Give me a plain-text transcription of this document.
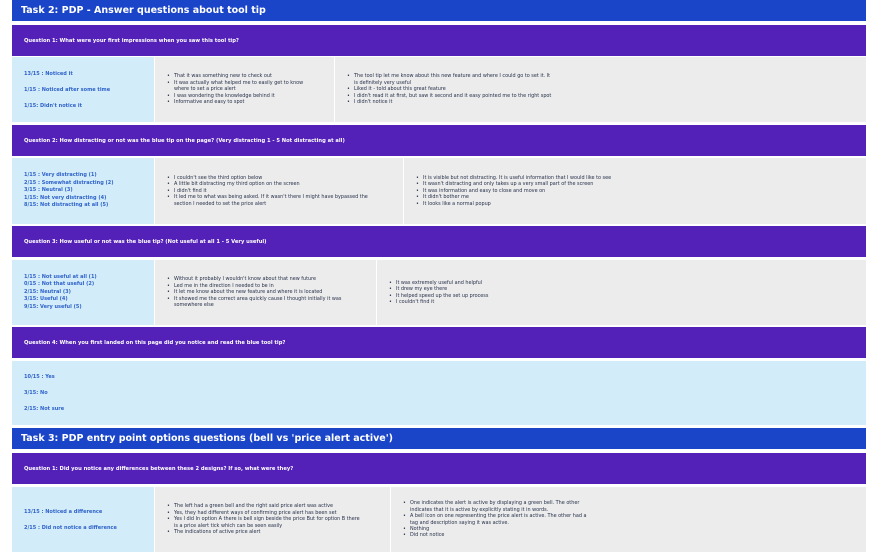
Task 2: PDP - Answer questions about tool tip
Question 1: What were your first impressions when you saw this tool tip?
13/15 : Noticed it
1/15 : Noticed after some time
1/15: Didn't notice it
• That it was something new to check out
• It was actually what helped me to easily get to know
where to set a price alert
• I was wondering the knowledge behind it
• Informative and easy to spot
• The tool tip let me know about this new feature and where I could go to set it. It
is definitely very useful
• Liked it - told about this great feature
• I didn't read it at first, but saw it second and it easy pointed me to the right spot
• I didn't notice it
Question 2: How distracting or not was the blue tip on the page? (Very distracting 1 - 5 Not distracting at all)
1/15 : Very distracting (1)
2/15 : Somewhat distracting (2)
3/15 : Neutral (3)
1/15: Not very distracting (4)
8/15: Not distracting at all (5)
• I couldn't see the third option below
• A little bit distracting my third option on the screen
• I didn't find it
• It led me to what was being asked. If it wasn't there I might have bypassed the
section I needed to set the price alert
• It is visible but not distracting. It is useful information that I would like to see
• It wasn't distracting and only takes up a very small part of the screen
• It was information and easy to close and move on
• It didn't bother me
• It looks like a normal popup
Question 3: How useful or not was the blue tip? (Not useful at all 1 - 5 Very useful)
1/15 : Not useful at all (1)
0/15 : Not that useful (2)
2/15: Neutral (3)
3/15: Useful (4)
9/15: Very useful (5)
• Without it probably I wouldn't know about that new future
• Led me in the direction I needed to be in
• It let me know about the new feature and where it is located
• It showed me the correct area quickly cause I thought initially it was
somewhere else
• It was extremely useful and helpful
• It drew my eye there
• It helped speed up the set up process
• I couldn't find it
Question 4: When you first landed on this page did you notice and read the blue tool tip?
10/15 : Yes
3/15: No
2/15: Not sure
Task 3: PDP entry point options questions (bell vs 'price alert active')
Question 1: Did you notice any differences between these 2 designs? If so, what were they?
13/15 : Noticed a difference
2/15 : Did not notice a difference
• The left had a green bell and the right said price alert was active
• Yes, they had different ways of confirming price alert has been set
• Yes I did In option A there is bell sign beside the price But for option B there
is a price alert tick which can be seen easily
• The indications of active price alert
• One indicates the alert is active by displaying a green bell. The other
indicates that it is active by explicitly stating it in words.
• A bell icon on one representing the price alert is active. The other had a
tag and description saying it was active.
• Nothing
• Did not notice
